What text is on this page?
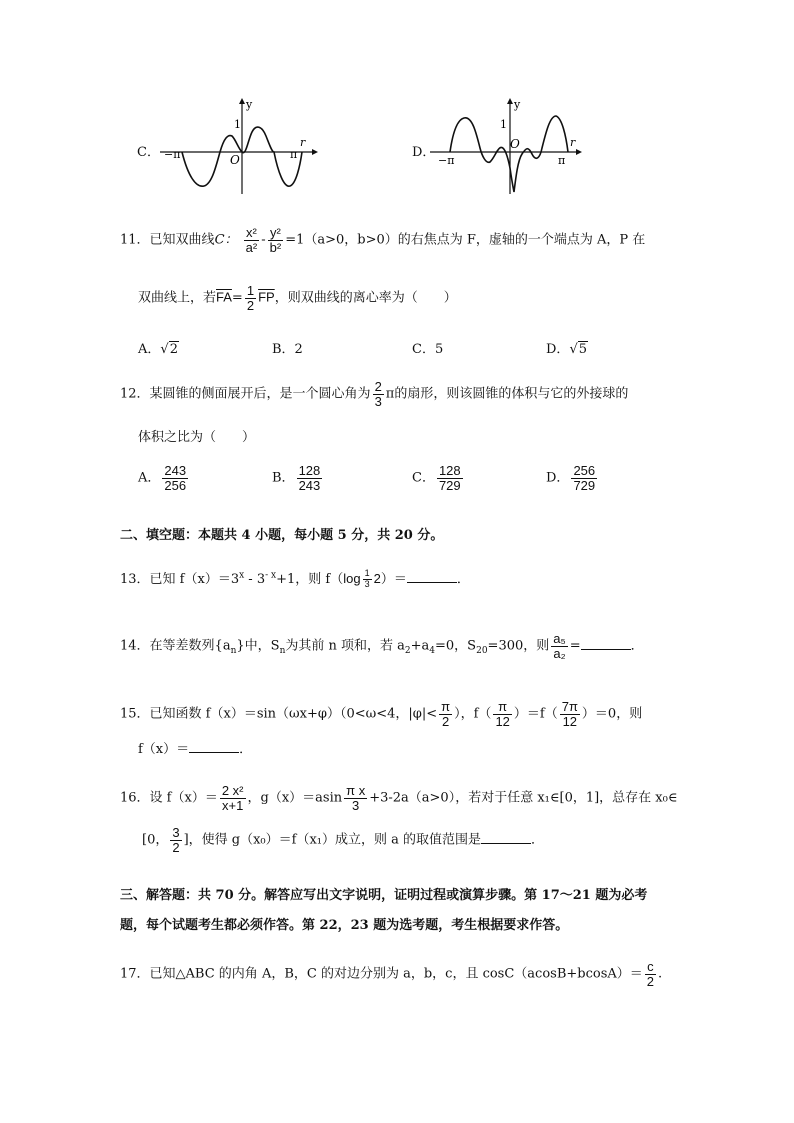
C．
y
r
1
O
−π	π	D．
y
r
1
O
−π	π
11．已知双曲线C： $\frac{\text{x²}}{\text{a²}} - \frac{\text{y²}}{\text{b²}} =1(a>0$，b>0）的右焦点为 F，虚轴的一个端点为 A，P 在
双曲线上，若$\overline{FA}= \frac{1}{2} \overline{FP}$，则双曲线的离心率为（　　）
A．√2	B．2	C．5	D．√5
12．某圆锥的侧面展开后，是一个圆心角为 $\frac{2}{3}$ π的扇形，则该圆锥的体积与它的外接球的
体积之比为（　　）
A． $\frac{243}{256}$	B． $\frac{128}{243}$	C． $\frac{128}{729}$	D． $\frac{256}{729}$
二、填空题：本题共 4 小题，每小题 5 分，共 20 分。
13．已知 $f(x)=3^x - 3^{- x}+1$，则 $f(\log \frac{1}{3} 2)=$	．
14．在等差数列$\{a_n\}$中，$S_n$为其前 n 项和，若 $a_2+a_4=0$，$S_{20}=300$，则 $\frac{\text{a₅}}{\text{a₂}}$ =	．
15．已知函数 f（x）＝sin（ωx+φ）（0<ω<4，$|\varphi|< \frac{\pi}{2}$ ），$f( \frac{\pi}{12} )=f( \frac{7\pi}{12} )=0$，则
f（x）＝	．
16．设 $f(x)= \frac{\text{2 x²}}{x+1}$ ，$g(x)=asin \frac{\text{π x}}{3} +3-2a(a>0)$，若对于任意 x₁∈[0，1]，总存在 x₀∈
[0， $\frac{3}{2}$ ]，使得 g（x₀）＝f（x₁）成立，则 a 的取值范围是	．
三、解答题：共 70 分。解答应写出文字说明，证明过程或演算步骤。第 17～21 题为必考
题，每个试题考生都必须作答。第 22，23 题为选考题，考生根据要求作答。
17．已知△ABC 的内角 A，B，C 的对边分别为 a，b，c，且 $\cos C(acosB+bcosA)= \frac{c}{2}$ .
